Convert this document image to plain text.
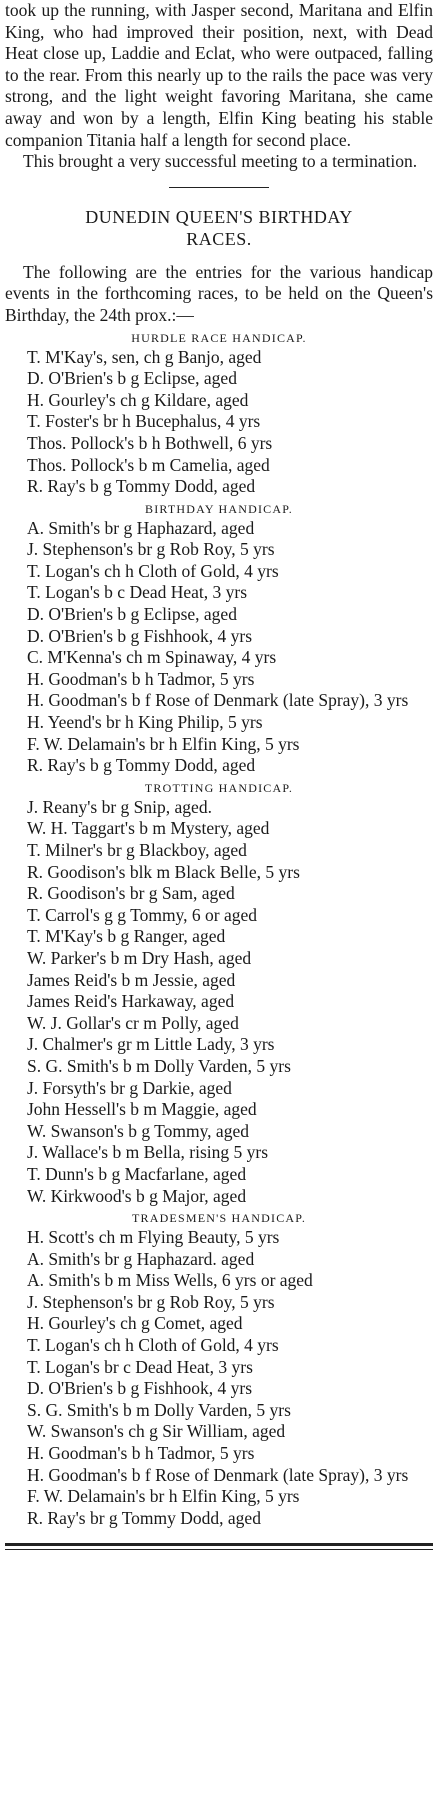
took up the running, with Jasper second, Maritana and Elfin King, who had improved their position, next, with Dead Heat close up, Laddie and Eclat, who were outpaced, falling to the rear. From this nearly up to the rails the pace was very strong, and the light weight favoring Maritana, she came away and won by a length, Elfin King beating his stable companion Titania half a length for second place.

This brought a very successful meeting to a termination.

DUNEDIN QUEEN'S BIRTHDAY

RACES.

The following are the entries for the various handicap events in the forthcoming races, to be held on the Queen's Birthday, the 24th prox.:—

HURDLE RACE HANDICAP.

T. M'Kay's, sen, ch g Banjo, aged

D. O'Brien's b g Eclipse, aged

H. Gourley's ch g Kildare, aged

T. Foster's br h Bucephalus, 4 yrs

Thos. Pollock's b h Bothwell, 6 yrs

Thos. Pollock's b m Camelia, aged

R. Ray's b g Tommy Dodd, aged

BIRTHDAY HANDICAP.

A. Smith's br g Haphazard, aged

J. Stephenson's br g Rob Roy, 5 yrs

T. Logan's ch h Cloth of Gold, 4 yrs

T. Logan's b c Dead Heat, 3 yrs

D. O'Brien's b g Eclipse, aged

D. O'Brien's b g Fishhook, 4 yrs

C. M'Kenna's ch m Spinaway, 4 yrs

H. Goodman's b h Tadmor, 5 yrs

H. Goodman's b f Rose of Denmark (late Spray), 3 yrs

H. Yeend's br h King Philip, 5 yrs

F. W. Delamain's br h Elfin King, 5 yrs

R. Ray's b g Tommy Dodd, aged

TROTTING HANDICAP.

J. Reany's br g Snip, aged.

W. H. Taggart's b m Mystery, aged

T. Milner's br g Blackboy, aged

R. Goodison's blk m Black Belle, 5 yrs

R. Goodison's br g Sam, aged

T. Carrol's g g Tommy, 6 or aged

T. M'Kay's b g Ranger, aged

W. Parker's b m Dry Hash, aged

James Reid's b m Jessie, aged

James Reid's Harkaway, aged

W. J. Gollar's cr m Polly, aged

J. Chalmer's gr m Little Lady, 3 yrs

S. G. Smith's b m Dolly Varden, 5 yrs

J. Forsyth's br g Darkie, aged

John Hessell's b m Maggie, aged

W. Swanson's b g Tommy, aged

J. Wallace's b m Bella, rising 5 yrs

T. Dunn's b g Macfarlane, aged

W. Kirkwood's b g Major, aged

TRADESMEN'S HANDICAP.

H. Scott's ch m Flying Beauty, 5 yrs

A. Smith's br g Haphazard. aged

A. Smith's b m Miss Wells, 6 yrs or aged

J. Stephenson's br g Rob Roy, 5 yrs

H. Gourley's ch g Comet, aged

T. Logan's ch h Cloth of Gold, 4 yrs

T. Logan's br c Dead Heat, 3 yrs

D. O'Brien's b g Fishhook, 4 yrs

S. G. Smith's b m Dolly Varden, 5 yrs

W. Swanson's ch g Sir William, aged

H. Goodman's b h Tadmor, 5 yrs

H. Goodman's b f Rose of Denmark (late Spray), 3 yrs

F. W. Delamain's br h Elfin King, 5 yrs

R. Ray's br g Tommy Dodd, aged
